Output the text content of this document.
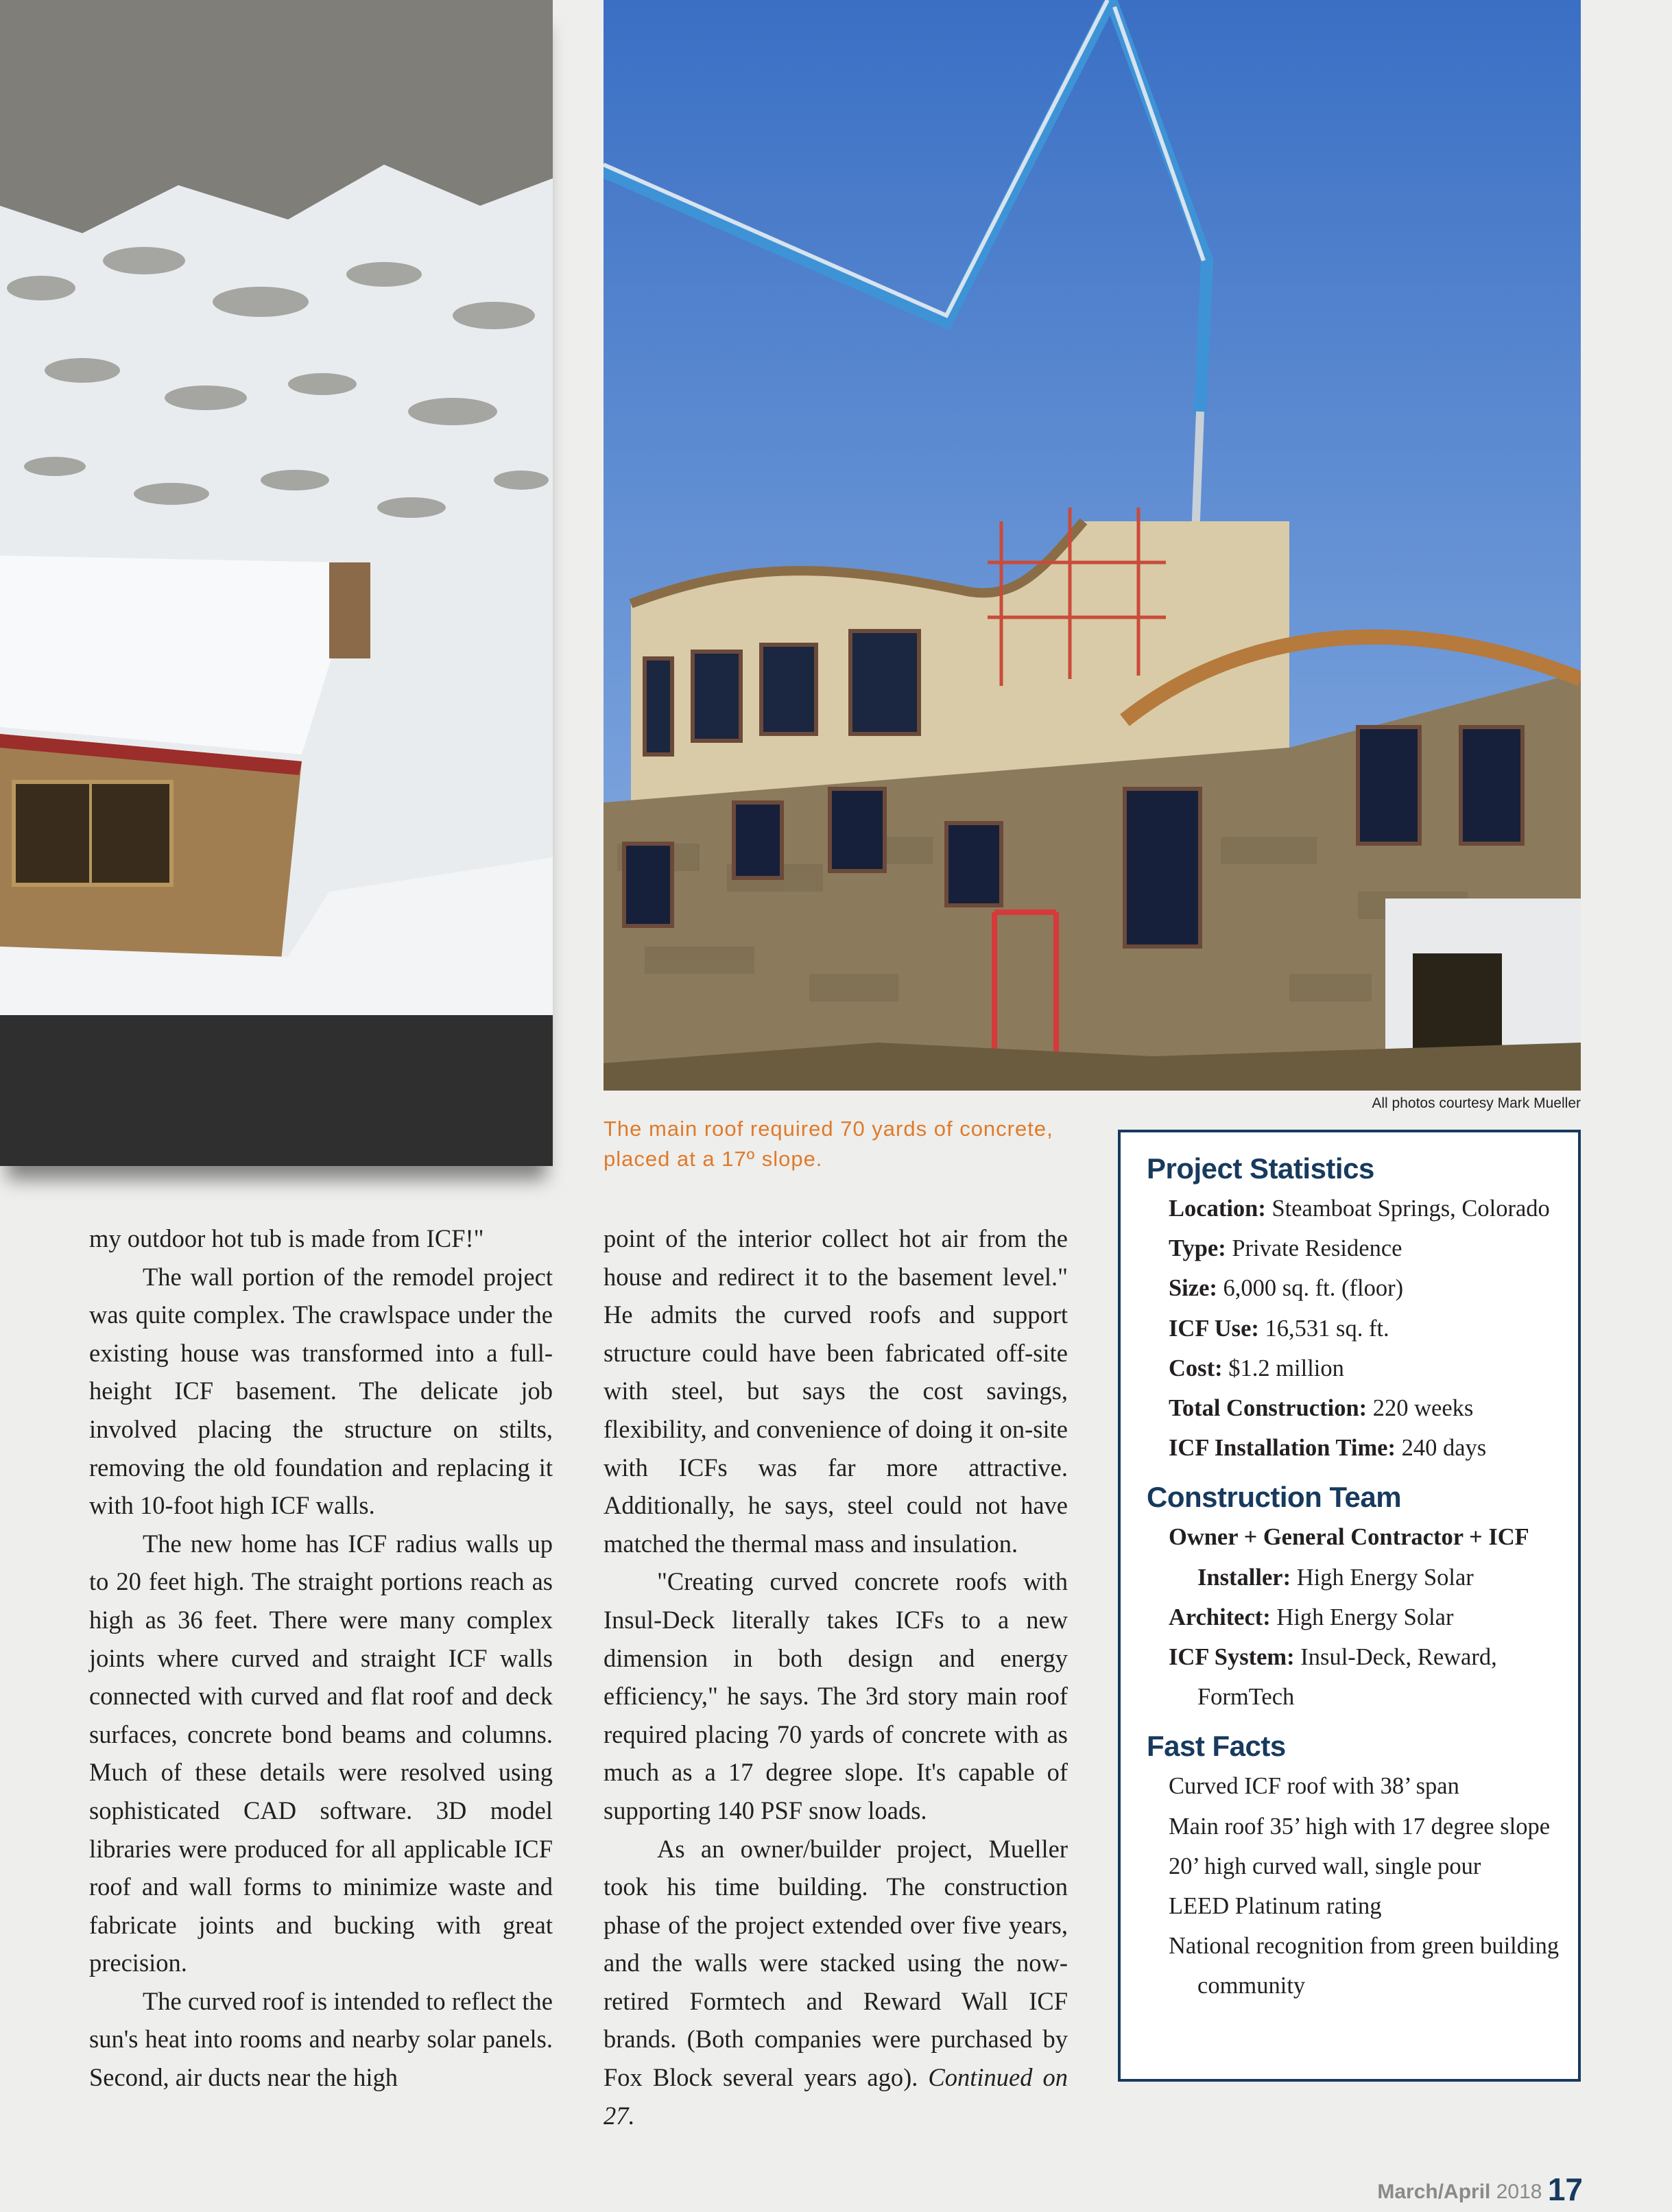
All photos courtesy Mark Mueller
The main roof required 70 yards of concrete,
placed at a 17º slope.

my outdoor hot tub is made from ICF!"

The wall portion of the remodel project was quite complex. The crawlspace under the existing house was transformed into a full-height ICF basement. The delicate job involved placing the structure on stilts, removing the old foundation and replacing it with 10-foot high ICF walls.

The new home has ICF radius walls up to 20 feet high. The straight portions reach as high as 36 feet. There were many complex joints where curved and straight ICF walls connected with curved and flat roof and deck surfaces, concrete bond beams and columns. Much of these details were resolved using sophisticated CAD software. 3D model libraries were produced for all applicable ICF roof and wall forms to minimize waste and fabricate joints and bucking with great precision.

The curved roof is intended to reflect the sun's heat into rooms and nearby solar panels. Second, air ducts near the high

point of the interior collect hot air from the house and redirect it to the basement level." He admits the curved roofs and support structure could have been fabricated off-site with steel, but says the cost savings, flexibility, and convenience of doing it on-site with ICFs was far more attractive. Additionally, he says, steel could not have matched the thermal mass and insulation.

"Creating curved concrete roofs with Insul-Deck literally takes ICFs to a new dimension in both design and energy efficiency," he says. The 3rd story main roof required placing 70 yards of concrete with as much as a 17 degree slope. It's capable of supporting 140 PSF snow loads.

As an owner/builder project, Mueller took his time building. The construction phase of the project extended over five years, and the walls were stacked using the now-retired Formtech and Reward Wall ICF brands. (Both companies were purchased by Fox Block several years ago). Continued on 27.

Project Statistics
Location: Steamboat Springs, Colorado
Type: Private Residence
Size: 6,000 sq. ft. (floor)
ICF Use: 16,531 sq. ft.
Cost: $1.2 million
Total Construction: 220 weeks
ICF Installation Time: 240 days
Construction Team
Owner + General Contractor + ICF Installer: High Energy Solar
Architect: High Energy Solar
ICF System: Insul-Deck, Reward, FormTech
Fast Facts
Curved ICF roof with 38’ span
Main roof 35’ high with 17 degree slope
20’ high curved wall, single pour
LEED Platinum rating
National recognition from green building community
March/April 2018 17
